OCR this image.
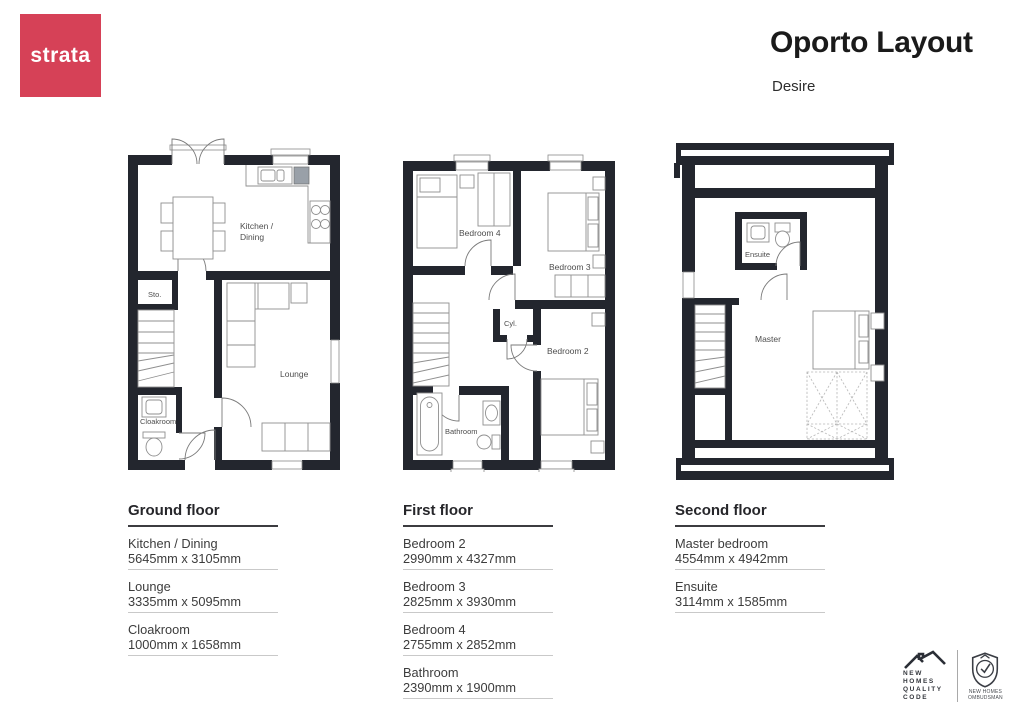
strata	Oporto Layout
Desire
Kitchen /
Dining
Sto.
Cloakroom
Lounge
Bedroom 4
Bedroom 3
Cyl.
Bedroom 2
Bathroom
Ensuite
Master
Ground floor
Kitchen / Dining
5645mm x 3105mm
Lounge
3335mm x 5095mm
Cloakroom
1000mm x 1658mm
First floor
Bedroom 2
2990mm x 4327mm
Bedroom 3
2825mm x 3930mm
Bedroom 4
2755mm x 2852mm
Bathroom
2390mm x 1900mm
Second floor
Master bedroom
4554mm x 4942mm
Ensuite
3114mm x 1585mm
NEW
HOMES
QUALITY
CODE
NEW HOMES
OMBUDSMAN
